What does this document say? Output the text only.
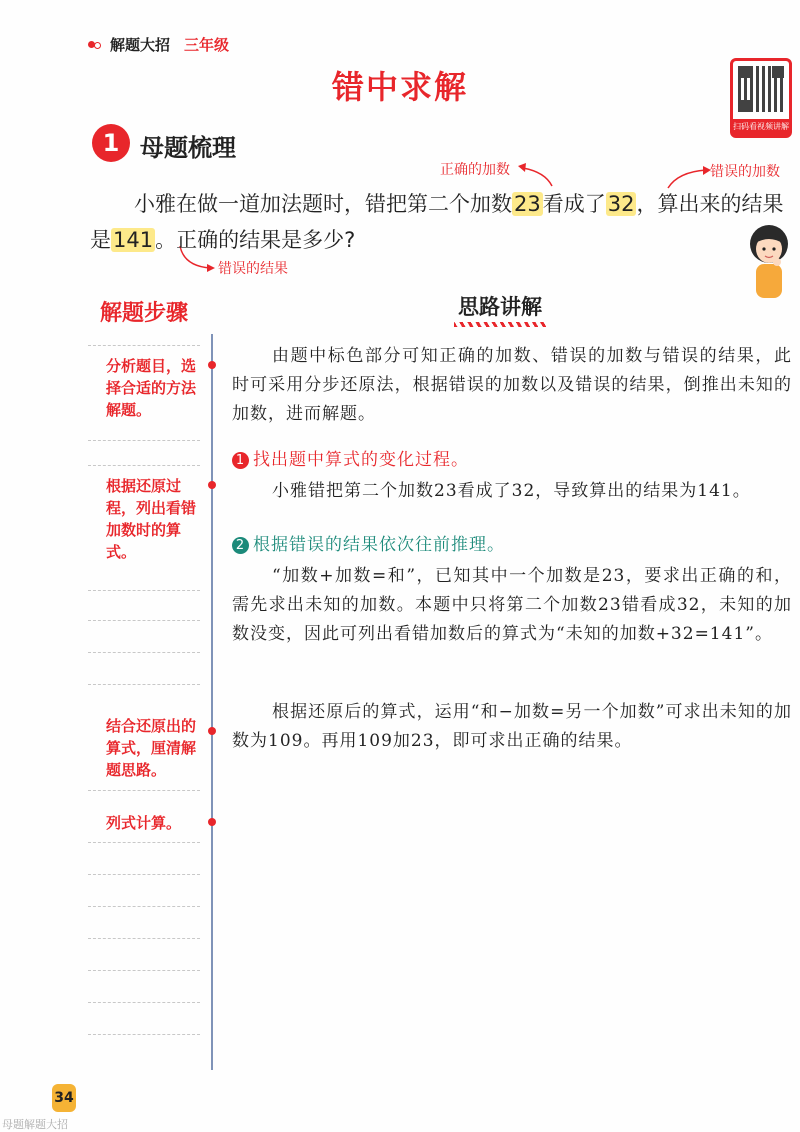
解题大招 三年级
错中求解
扫码看视频讲解
1 母题梳理
正确的加数	错误的加数
错误的结果
小雅在做一道加法题时，错把第二个加数23看成了32，算出来的结果是141。正确的结果是多少?
解题步骤	思路讲解
分析题目，选择合适的方法解题。
根据还原过程，列出看错加数时的算式。
结合还原出的算式，厘清解题思路。
列式计算。
由题中标色部分可知正确的加数、错误的加数与错误的结果，此时可采用分步还原法，根据错误的加数以及错误的结果，倒推出未知的加数，进而解题。
1 找出题中算式的变化过程。
小雅错把第二个加数23看成了32，导致算出的结果为141。
2 根据错误的结果依次往前推理。
“加数+加数=和”，已知其中一个加数是23，要求出正确的和，需先求出未知的加数。本题中只将第二个加数23错看成32，未知的加数没变，因此可列出看错加数后的算式为“未知的加数+32=141”。
根据还原后的算式，运用“和−加数=另一个加数”可求出未知的加数为109。再用109加23，即可求出正确的结果。
34
母题解题大招
